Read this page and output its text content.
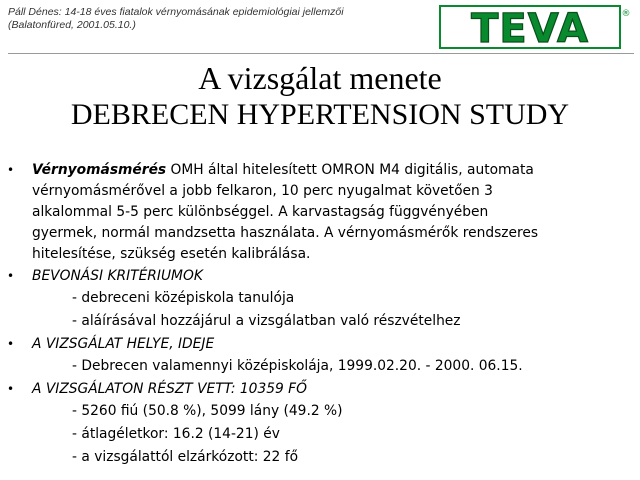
Páll Dénes: 14-18 éves fiatalok vérnyomásának epidemiológiai jellemzői
(Balatonfüred, 2001.05.10.)	TEVA	®
A vizsgálat menete
DEBRECEN HYPERTENSION STUDY
• Vérnyomásmérés OMH által hitelesített OMRON M4 digitális, automata
vérnyomásmérővel a jobb felkaron, 10 perc nyugalmat követően 3
alkalommal 5-5 perc különbséggel. A karvastagság függvényében
gyermek, normál mandzsetta használata. A vérnyomásmérők rendszeres
hitelesítése, szükség esetén kalibrálása.
• BEVONÁSI KRITÉRIUMOK
- debreceni középiskola tanulója
- aláírásával hozzájárul a vizsgálatban való részvételhez
• A VIZSGÁLAT HELYE, IDEJE
- Debrecen valamennyi középiskolája, 1999.02.20. - 2000. 06.15.
• A VIZSGÁLATON RÉSZT VETT: 10359 FŐ
- 5260 fiú (50.8 %), 5099 lány (49.2 %)
- átlagéletkor: 16.2 (14-21) év
- a vizsgálattól elzárkózott: 22 fő
